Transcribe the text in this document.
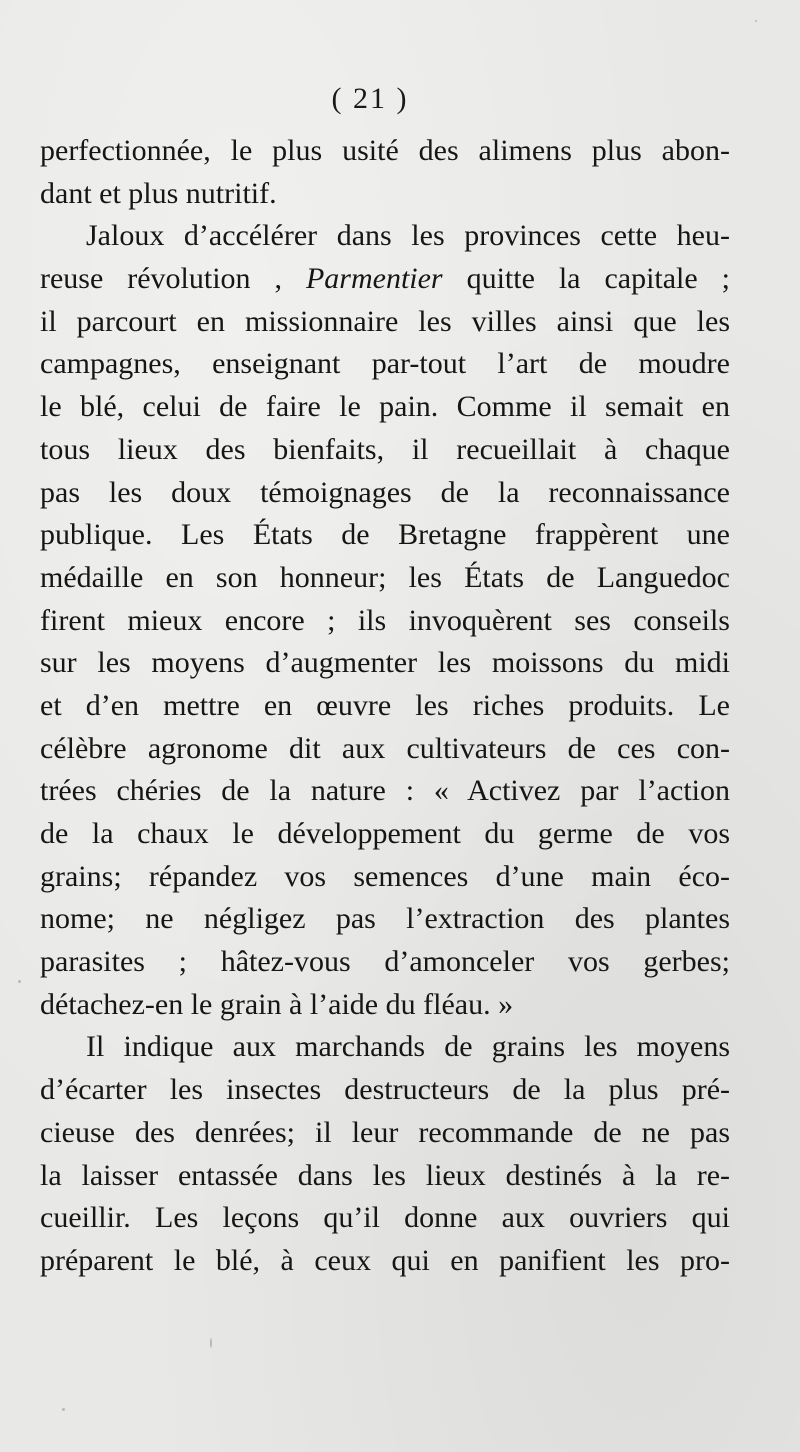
( 21 )
perfectionnée, le plus usité des alimens plus abon-
dant et plus nutritif.
Jaloux d’accélérer dans les provinces cette heu-
reuse révolution , Parmentier quitte la capitale ;
il parcourt en missionnaire les villes ainsi que les
campagnes, enseignant par-tout l’art de moudre
le blé, celui de faire le pain. Comme il semait en
tous lieux des bienfaits, il recueillait à chaque
pas les doux témoignages de la reconnaissance
publique. Les États de Bretagne frappèrent une
médaille en son honneur; les États de Languedoc
firent mieux encore ; ils invoquèrent ses conseils
sur les moyens d’augmenter les moissons du midi
et d’en mettre en œuvre les riches produits. Le
célèbre agronome dit aux cultivateurs de ces con-
trées chéries de la nature : « Activez par l’action
de la chaux le développement du germe de vos
grains; répandez vos semences d’une main éco-
nome; ne négligez pas l’extraction des plantes
parasites ; hâtez-vous d’amonceler vos gerbes;
détachez-en le grain à l’aide du fléau. »
Il indique aux marchands de grains les moyens
d’écarter les insectes destructeurs de la plus pré-
cieuse des denrées; il leur recommande de ne pas
la laisser entassée dans les lieux destinés à la re-
cueillir. Les leçons qu’il donne aux ouvriers qui
préparent le blé, à ceux qui en panifient les pro-
